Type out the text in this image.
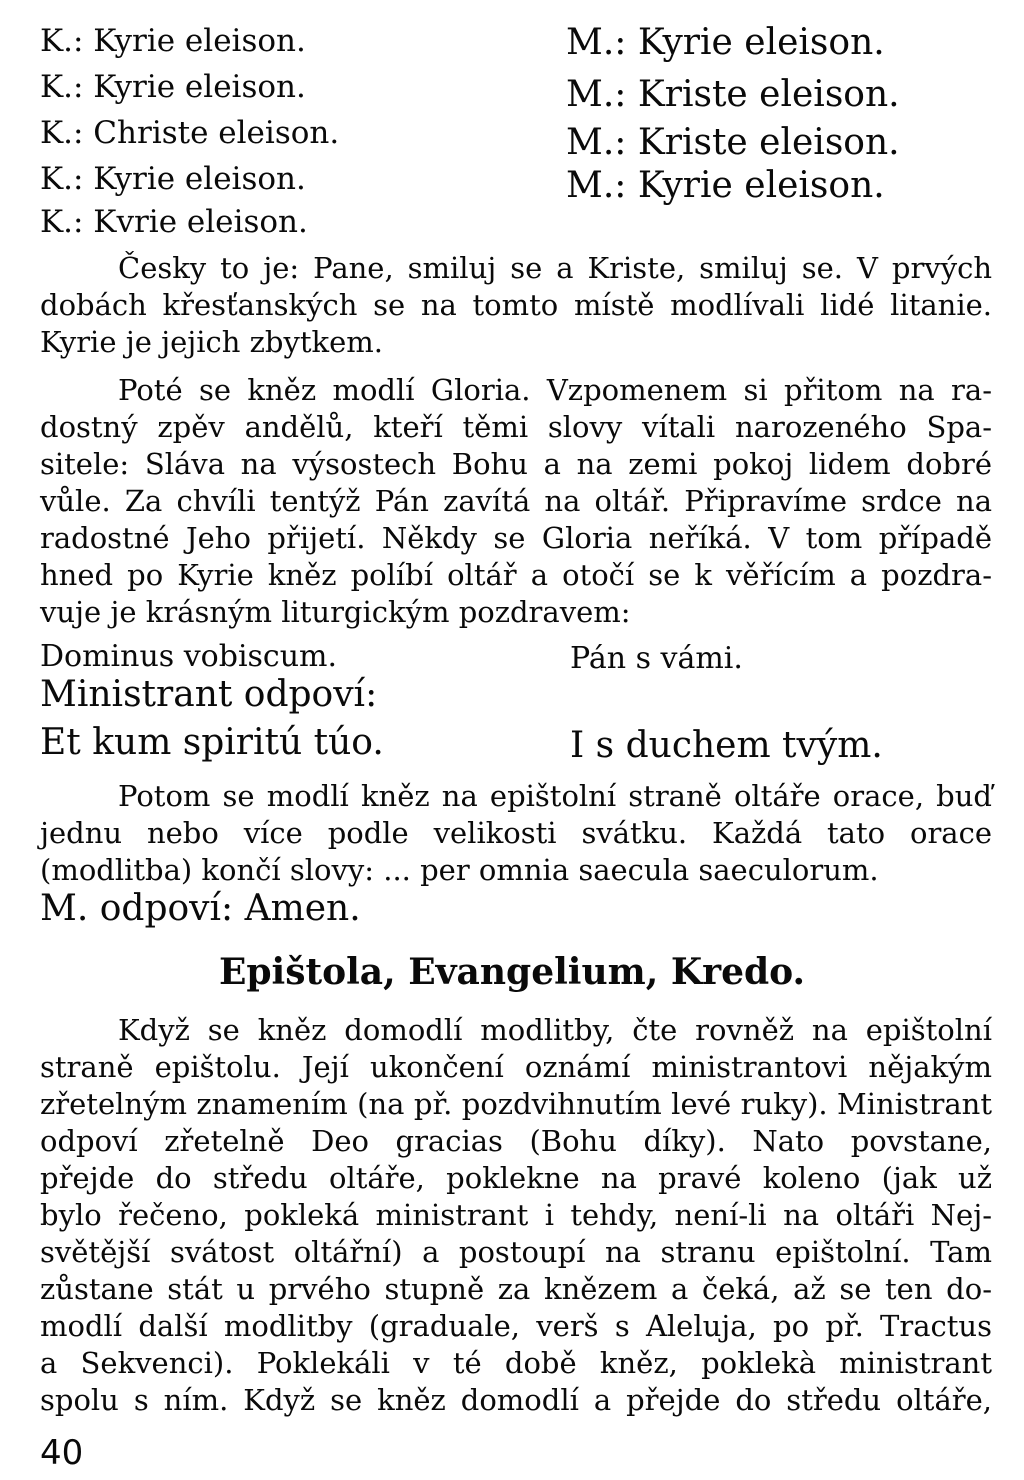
K.: Kyrie eleison.
K.: Kyrie eleison.
K.: Christe eleison.
K.: Kyrie eleison.
K.: Kvrie eleison.
M.: Kyrie eleison.
M.: Kriste eleison.
M.: Kriste eleison.
M.: Kyrie eleison.
Česky to je: Pane, smiluj se a Kriste, smiluj se. V prvých
dobách křesťanských se na tomto místě modlívali lidé litanie.
Kyrie je jejich zbytkem.
Poté se kněz modlí Gloria. Vzpomenem si přitom na ra-
dostný zpěv andělů, kteří těmi slovy vítali narozeného Spa-
sitele: Sláva na výsostech Bohu a na zemi pokoj lidem dobré
vůle. Za chvíli tentýž Pán zavítá na oltář. Připravíme srdce na
radostné Jeho přijetí. Někdy se Gloria neříká. V tom případě
hned po Kyrie kněz políbí oltář a otočí se k věřícím a pozdra-
vuje je krásným liturgickým pozdravem:
Dominus vobiscum.	Pán s vámi.
Ministrant odpoví:
Et kum spiritú túo.	I s duchem tvým.
Potom se modlí kněz na epištolní straně oltáře orace, buď
jednu nebo více podle velikosti svátku. Každá tato orace
(modlitba) končí slovy: ... per omnia saecula saeculorum.
M. odpoví: Amen.
Epištola, Evangelium, Kredo.
Když se kněz domodlí modlitby, čte rovněž na epištolní
straně epištolu. Její ukončení oznámí ministrantovi nějakým
zřetelným znamením (na př. pozdvihnutím levé ruky). Ministrant
odpoví zřetelně Deo gracias (Bohu díky). Nato povstane,
přejde do středu oltáře, poklekne na pravé koleno (jak už
bylo řečeno, pokleká ministrant i tehdy, není-li na oltáři Nej-
světější svátost oltářní) a postoupí na stranu epištolní. Tam
zůstane stát u prvého stupně za knězem a čeká, až se ten do-
modlí další modlitby (graduale, verš s Aleluja, po př. Tractus
a Sekvenci). Poklekáli v té době kněz, poklekà ministrant
spolu s ním. Když se kněz domodlí a přejde do středu oltáře,
40
